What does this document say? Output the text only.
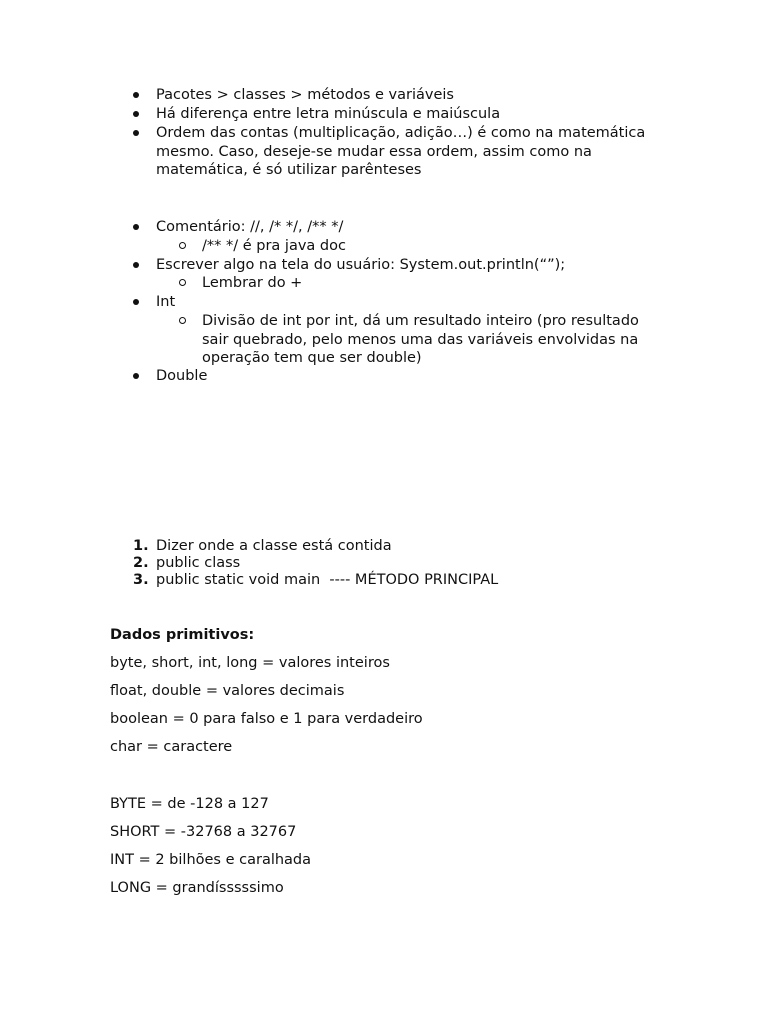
Pacotes > classes > métodos e variáveis
Há diferença entre letra minúscula e maiúscula
Ordem das contas (multiplicação, adição…) é como na matemática mesmo. Caso, deseje-se mudar essa ordem, assim como na matemática, é só utilizar parênteses
Comentário: //, /* */, /** */
/** */ é pra java doc
Escrever algo na tela do usuário: System.out.println(“”);
Lembrar do +
Int
Divisão de int por int, dá um resultado inteiro (pro resultado sair quebrado, pelo menos uma das variáveis envolvidas na operação tem que ser double)
Double
1. Dizer onde a classe está contida
2. public class
3. public static void main  ---- MÉTODO PRINCIPAL
Dados primitivos:
byte, short, int, long = valores inteiros
float, double = valores decimais
boolean = 0 para falso e 1 para verdadeiro
char = caractere
BYTE = de -128 a 127
SHORT = -32768 a 32767
INT = 2 bilhões e caralhada
LONG = grandísssssimo
